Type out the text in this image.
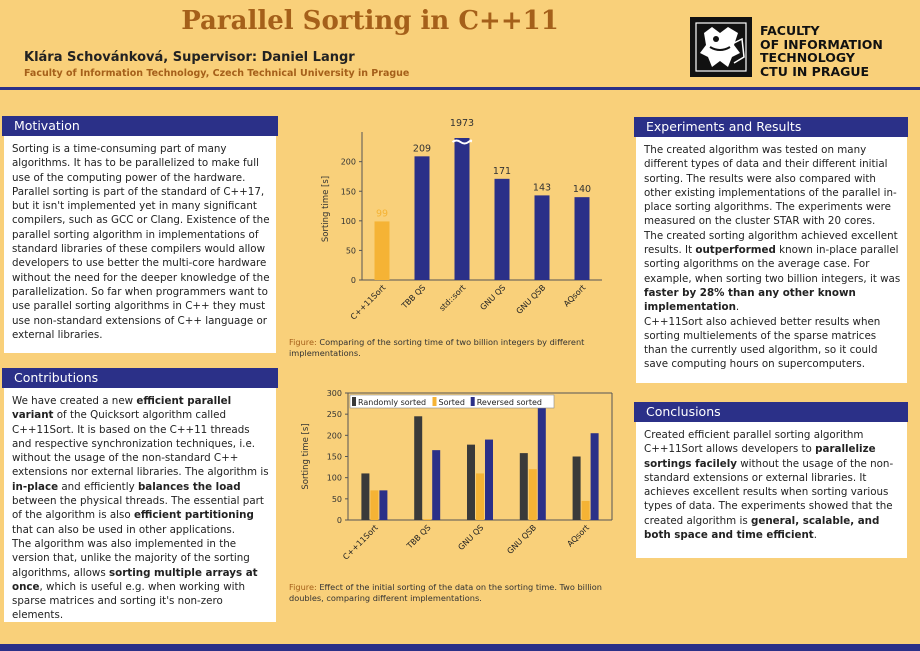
Parallel Sorting in C++11
Klára Schovánková, Supervisor: Daniel Langr
Faculty of Information Technology, Czech Technical University in Prague
FACULTY
OF INFORMATION
TECHNOLOGY
CTU IN PRAGUE
Motivation

Sorting is a time-consuming part of many algorithms. It has to be parallelized to make full use of the computing power of the hardware. Parallel sorting is part of the standard of C++17, but it isn't implemented yet in many significant compilers, such as GCC or Clang. Existence of the parallel sorting algorithm in implementations of standard libraries of these compilers would allow developers to use better the multi-core hardware without the need for the deeper knowledge of the parallelization. So far when programmers want to use parallel sorting algorithms in C++ they must use non-standard extensions of C++ language or external libraries.

Contributions

We have created a new efficient parallel variant of the Quicksort algorithm called C++11Sort. It is based on the C++11 threads and respective synchronization techniques, i.e. without the usage of the non-standard C++ extensions nor external libraries. The algorithm is in-place and efficiently balances the load between the physical threads. The essential part of the algorithm is also efficient partitioning that can also be used in other applications.

The algorithm was also implemented in the version that, unlike the majority of the sorting algorithms, allows sorting multiple arrays at once, which is useful e.g. when working with sparse matrices and sorting it's non-zero elements.

0
50
100
150
200
Sorting time [s]	99
C++11Sort
209
TBB QS
1973
std::sort
171
GNU QS
143
GNU QSB
140
AQsort
Figure: Comparing of the sorting time of two billion integers by different implementations.
0
50
100
150
200
250
300
Sorting time [s]
C++11Sort	TBB QS	GNU QS GNU QSB	AQsort
Randomly sorted Sorted Reversed sorted
Figure: Effect of the initial sorting of the data on the sorting time. Two billion doubles, comparing different implementations.
Experiments and Results

The created algorithm was tested on many different types of data and their different initial sorting. The results were also compared with other existing implementations of the parallel in-place sorting algorithms. The experiments were measured on the cluster STAR with 20 cores.

The created sorting algorithm achieved excellent results. It outperformed known in-place parallel sorting algorithms on the average case. For example, when sorting two billion integers, it was faster by 28% than any other known implementation.

C++11Sort also achieved better results when sorting multielements of the sparse matrices than the currently used algorithm, so it could save computing hours on supercomputers.

Conclusions

Created efficient parallel sorting algorithm C++11Sort allows developers to parallelize sortings facilely without the usage of the non-standard extensions or external libraries. It achieves excellent results when sorting various types of data. The experiments showed that the created algorithm is general, scalable, and both space and time efficient.
